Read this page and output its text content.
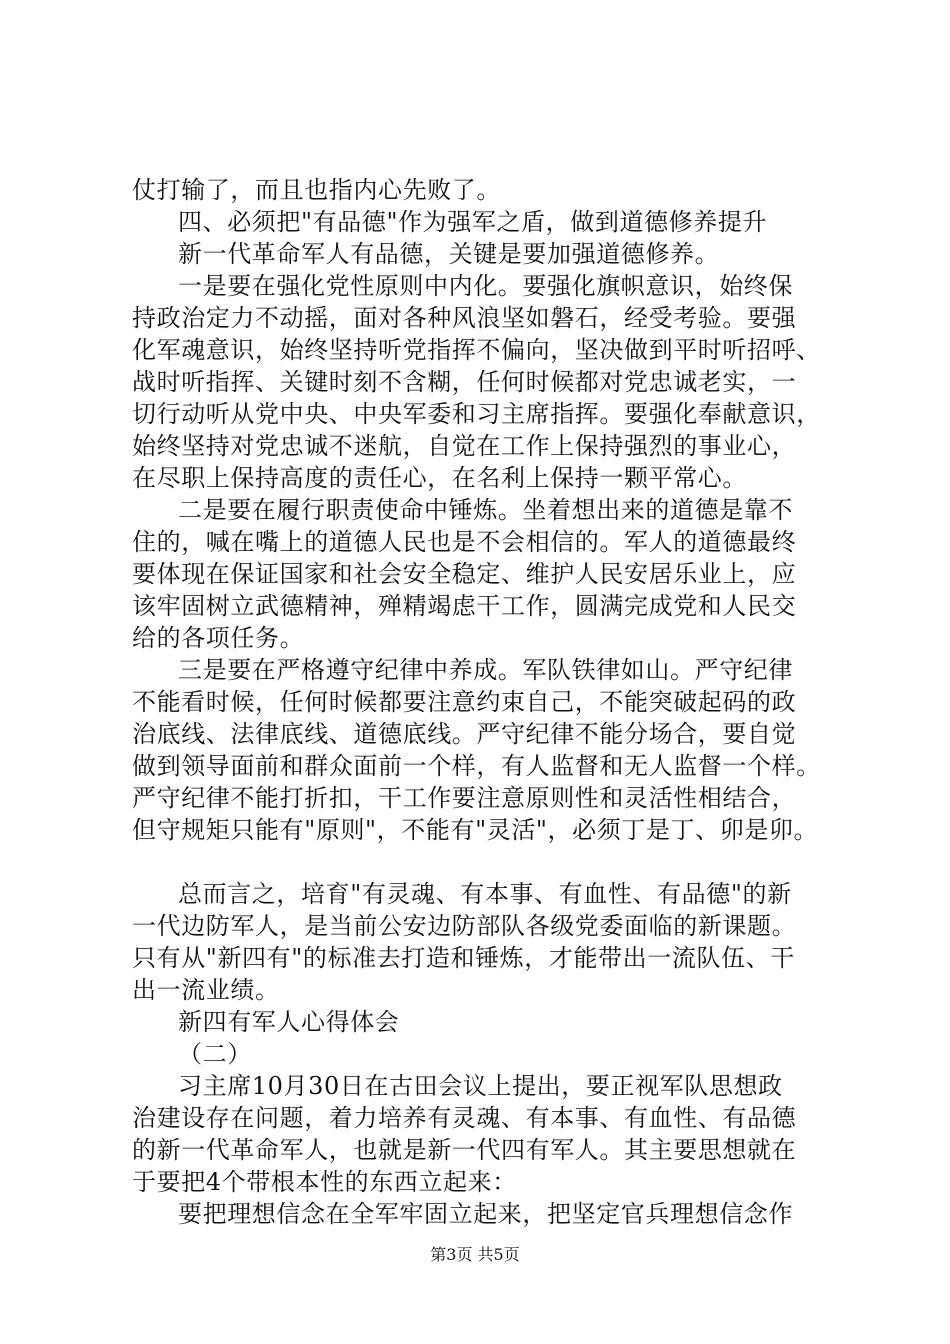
仗打输了，而且也指内心先败了。
四、必须把"有品德"作为强军之盾，做到道德修养提升
新一代革命军人有品德，关键是要加强道德修养。
一是要在强化党性原则中内化。要强化旗帜意识，始终保
持政治定力不动摇，面对各种风浪坚如磐石，经受考验。要强
化军魂意识，始终坚持听党指挥不偏向，坚决做到平时听招呼、
战时听指挥、关键时刻不含糊，任何时候都对党忠诚老实，一
切行动听从党中央、中央军委和习主席指挥。要强化奉献意识，
始终坚持对党忠诚不迷航，自觉在工作上保持强烈的事业心，
在尽职上保持高度的责任心，在名利上保持一颗平常心。
二是要在履行职责使命中锤炼。坐着想出来的道德是靠不
住的，喊在嘴上的道德人民也是不会相信的。军人的道德最终
要体现在保证国家和社会安全稳定、维护人民安居乐业上，应
该牢固树立武德精神，殚精竭虑干工作，圆满完成党和人民交
给的各项任务。
三是要在严格遵守纪律中养成。军队铁律如山。严守纪律
不能看时候，任何时候都要注意约束自己，不能突破起码的政
治底线、法律底线、道德底线。严守纪律不能分场合，要自觉
做到领导面前和群众面前一个样，有人监督和无人监督一个样。
严守纪律不能打折扣，干工作要注意原则性和灵活性相结合，
但守规矩只能有"原则"，不能有"灵活"，必须丁是丁、卯是卯。
总而言之，培育"有灵魂、有本事、有血性、有品德"的新
一代边防军人，是当前公安边防部队各级党委面临的新课题。
只有从"新四有"的标准去打造和锤炼，才能带出一流队伍、干
出一流业绩。
新四有军人心得体会
（二）
习主席10月30日在古田会议上提出，要正视军队思想政
治建设存在问题，着力培养有灵魂、有本事、有血性、有品德
的新一代革命军人，也就是新一代四有军人。其主要思想就在
于要把4个带根本性的东西立起来：
要把理想信念在全军牢固立起来，把坚定官兵理想信念作
第3页 共5页
